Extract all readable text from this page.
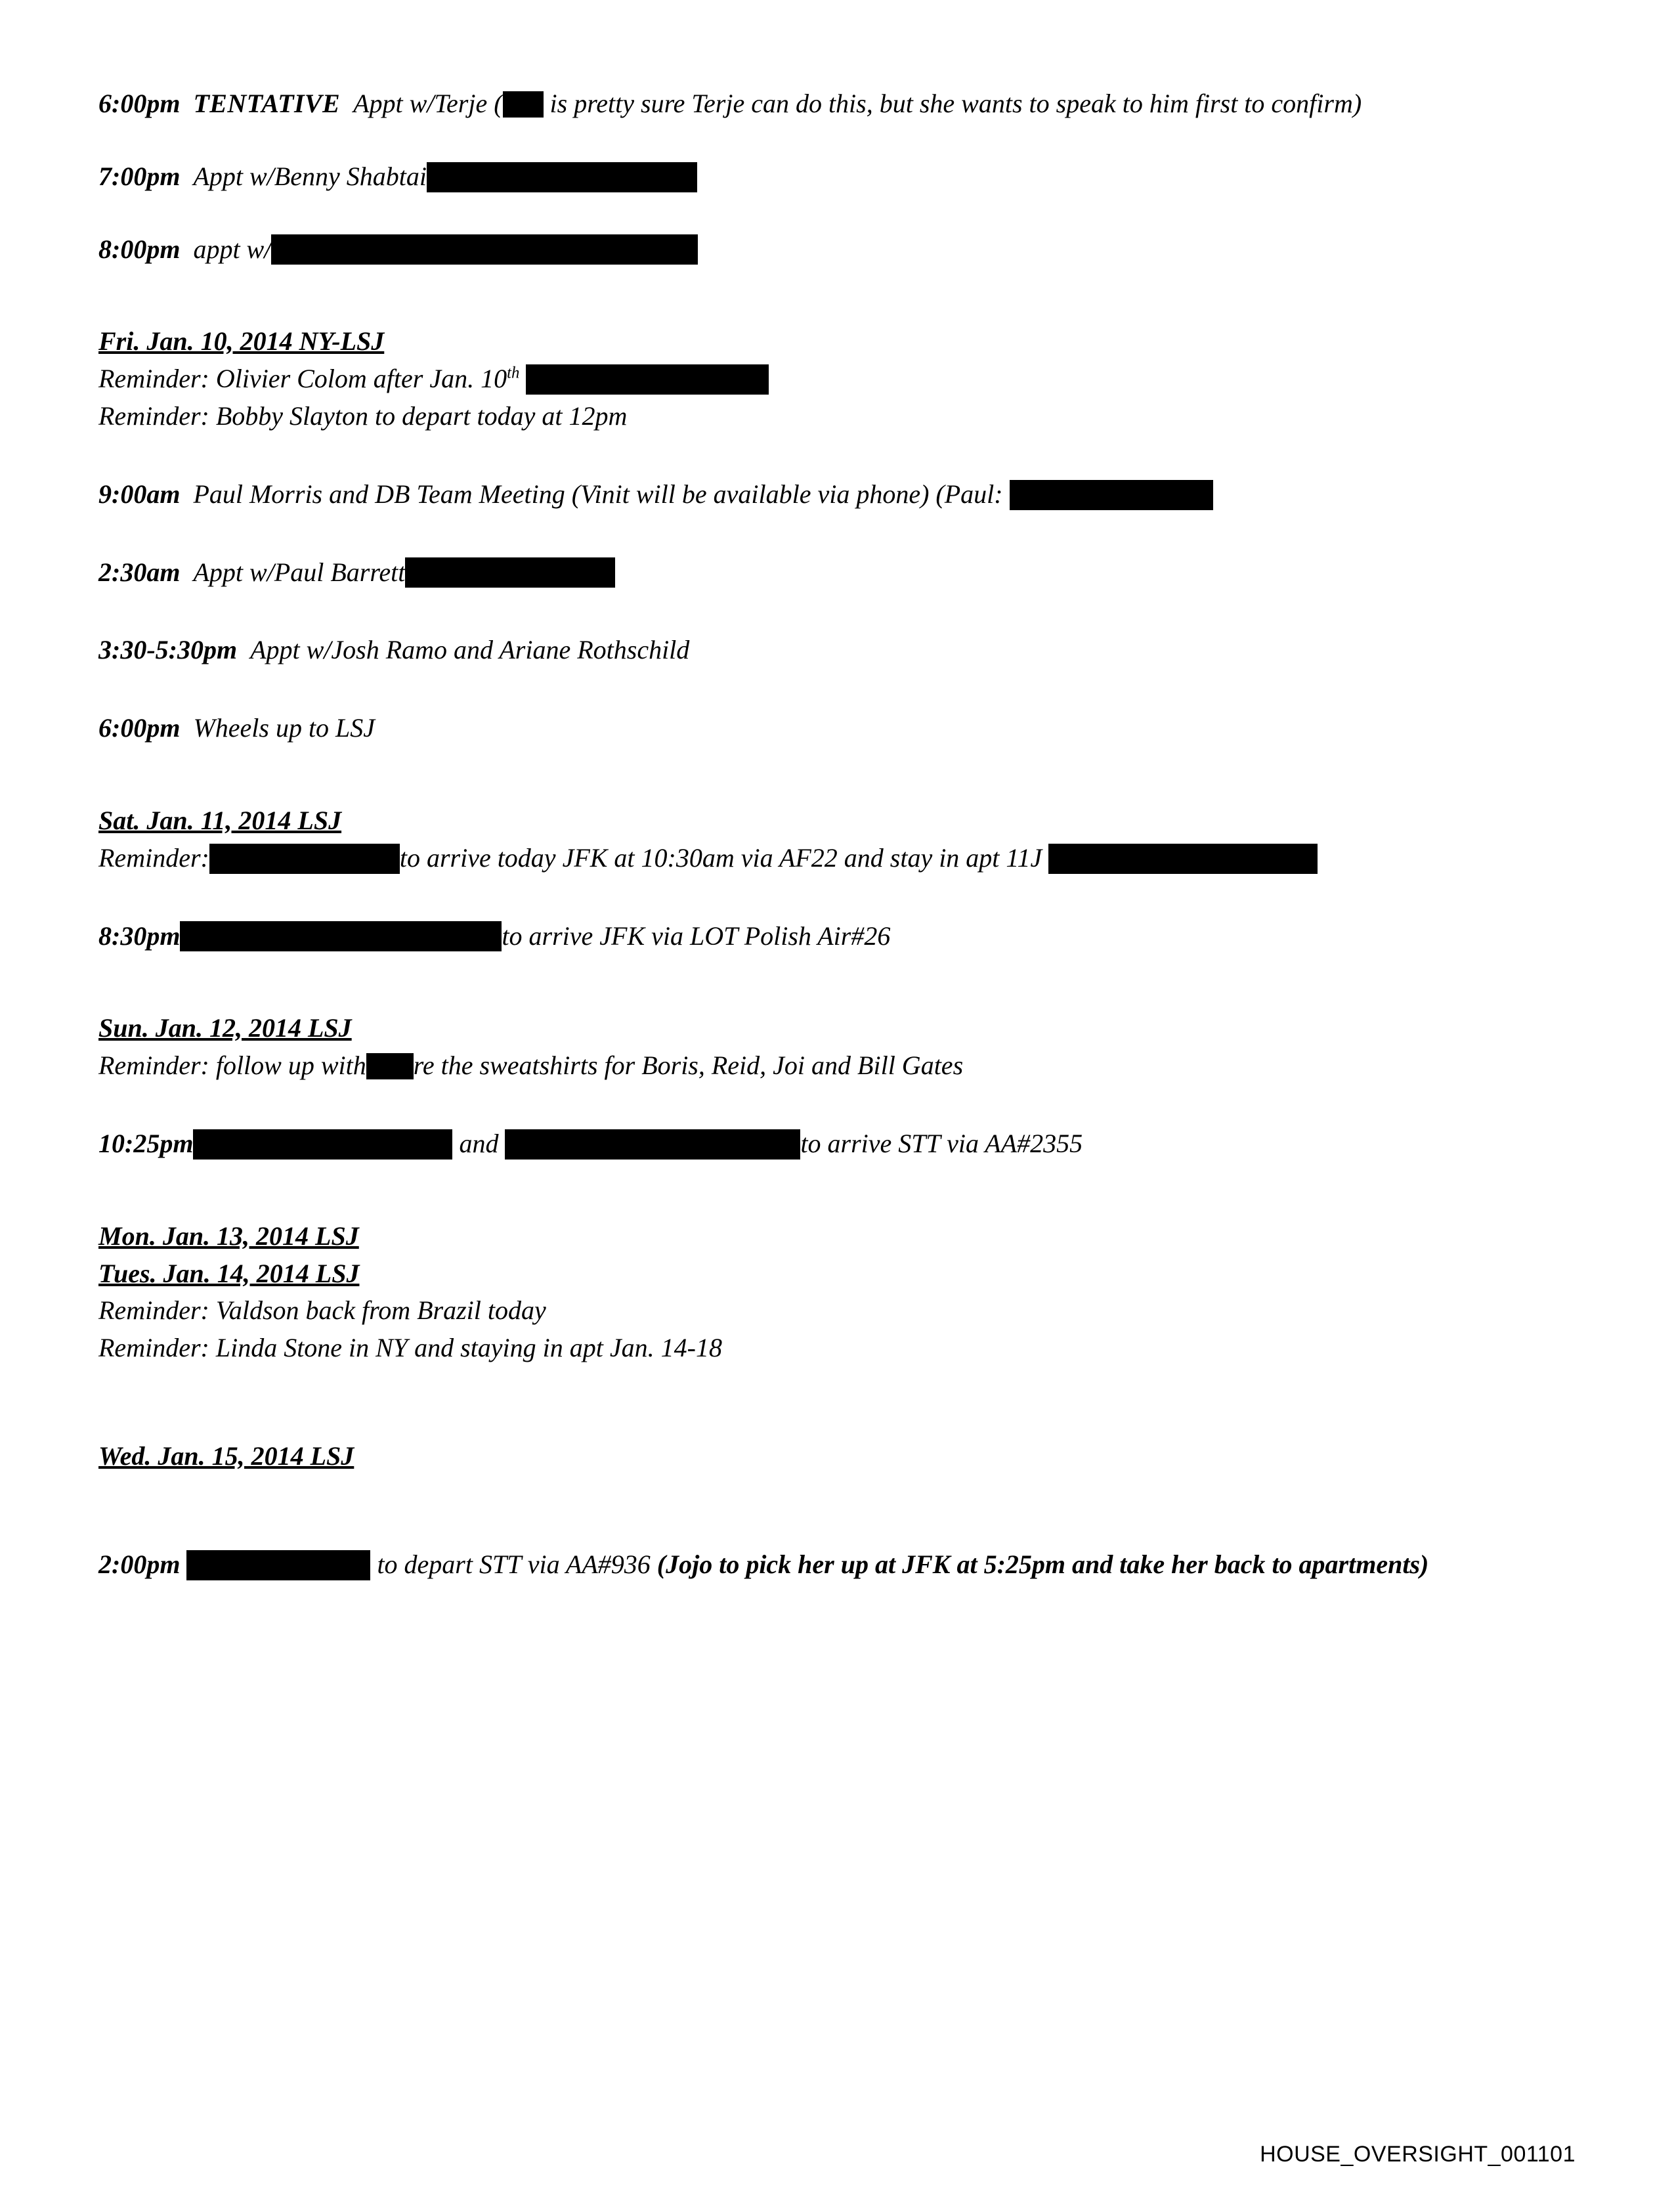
6:00pm TENTATIVE Appt w/Terje ( is pretty sure Terje can do this, but she wants to speak to him first to confirm)
7:00pm Appt w/Benny Shabtai
8:00pm appt w/
Fri. Jan. 10, 2014 NY-LSJ
Reminder: Olivier Colom after Jan. 10th
Reminder: Bobby Slayton to depart today at 12pm
9:00am Paul Morris and DB Team Meeting (Vinit will be available via phone) (Paul:
2:30am Appt w/Paul Barrett
3:30-5:30pm Appt w/Josh Ramo and Ariane Rothschild
6:00pm Wheels up to LSJ
Sat. Jan. 11, 2014 LSJ
Reminder:	to arrive today JFK at 10:30am via AF22 and stay in apt 11J
8:30pm	to arrive JFK via LOT Polish Air#26
Sun. Jan. 12, 2014 LSJ
Reminder: follow up with re the sweatshirts for Boris, Reid, Joi and Bill Gates
10:25pm	and	to arrive STT via AA#2355
Mon. Jan. 13, 2014 LSJ
Tues. Jan. 14, 2014 LSJ
Reminder: Valdson back from Brazil today
Reminder: Linda Stone in NY and staying in apt Jan. 14-18
Wed. Jan. 15, 2014 LSJ
2:00pm	to depart STT via AA#936 (Jojo to pick her up at JFK at 5:25pm and take her back to apartments)
HOUSE_OVERSIGHT_001101
